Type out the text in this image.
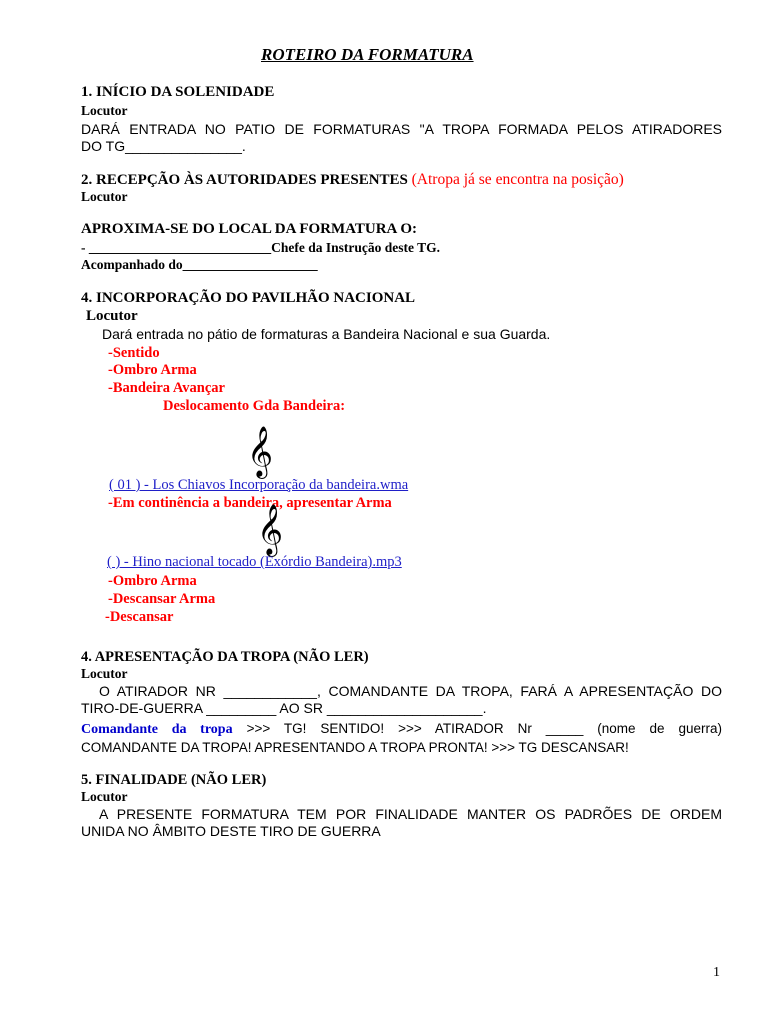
ROTEIRO DA FORMATURA
1. INÍCIO DA SOLENIDADE
Locutor
DARÁ ENTRADA NO PATIO DE FORMATURAS "A TROPA FORMADA PELOS ATIRADORES
DO TG_______________.
2. RECEPÇÃO ÀS AUTORIDADES PRESENTES (Atropa já se encontra na posição)
Locutor
APROXIMA-SE DO LOCAL DA FORMATURA O:
- ___________________________Chefe da Instrução deste TG.
Acompanhado do____________________
4. INCORPORAÇÃO DO PAVILHÃO NACIONAL
Locutor
Dará entrada no pátio de formaturas a Bandeira Nacional e sua Guarda.
-Sentido
-Ombro Arma
-Bandeira Avançar
Deslocamento Gda Bandeira:
𝄞
( 01 ) - Los Chiavos Incorporação da bandeira.wma
-Em continência a bandeira, apresentar Arma
𝄞
( ) - Hino nacional tocado (Exórdio Bandeira).mp3
-Ombro Arma
-Descansar Arma
-Descansar
4. APRESENTAÇÃO DA TROPA (NÃO LER)
Locutor
O ATIRADOR NR ____________, COMANDANTE DA TROPA, FARÁ A APRESENTAÇÃO DO
TIRO-DE-GUERRA _________ AO SR ____________________.
Comandante da tropa >>> TG! SENTIDO! >>> ATIRADOR Nr _____ (nome de guerra)
COMANDANTE DA TROPA! APRESENTANDO A TROPA PRONTA! >>> TG DESCANSAR!
5. FINALIDADE (NÃO LER)
Locutor
A PRESENTE FORMATURA TEM POR FINALIDADE MANTER OS PADRÕES DE ORDEM
UNIDA NO ÂMBITO DESTE TIRO DE GUERRA
1
